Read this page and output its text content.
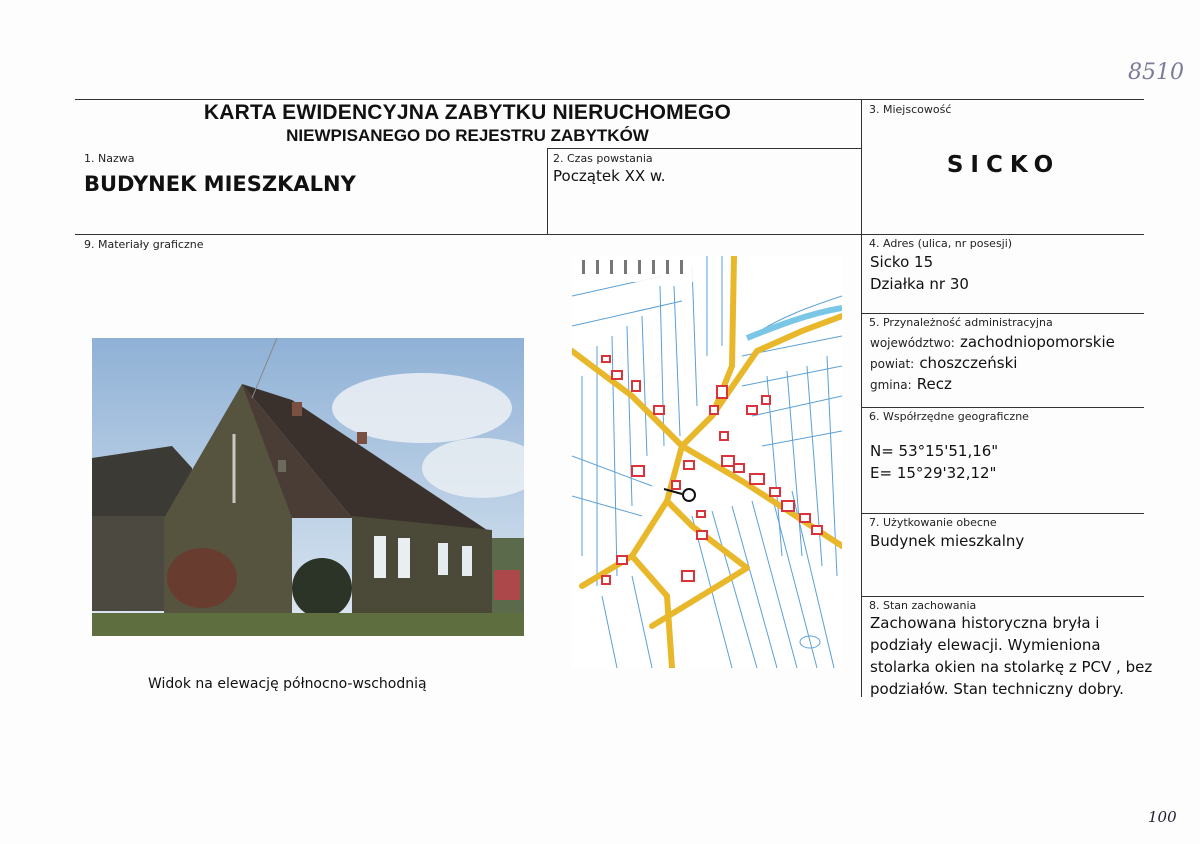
8510
100
KARTA EWIDENCYJNA ZABYTKU NIERUCHOMEGO
NIEWPISANEGO DO REJESTRU ZABYTKÓW
1. Nazwa
BUDYNEK MIESZKALNY
2. Czas powstania
Początek XX w.
3. Miejscowość
SICKO
4. Adres (ulica, nr posesji)
Sicko 15
Działka nr 30
5. Przynależność administracyjna
województwo: zachodniopomorskie
powiat: choszczeński
gmina: Recz
6. Współrzędne geograficzne
N= 53°15'51,16"
E= 15°29'32,12"
7. Użytkowanie obecne
Budynek mieszkalny
8. Stan zachowania
Zachowana historyczna bryła i
podziały elewacji. Wymieniona
stolarka okien na stolarkę z PCV , bez
podziałów. Stan techniczny dobry.
9. Materiały graficzne
Widok na elewację północno-wschodnią
